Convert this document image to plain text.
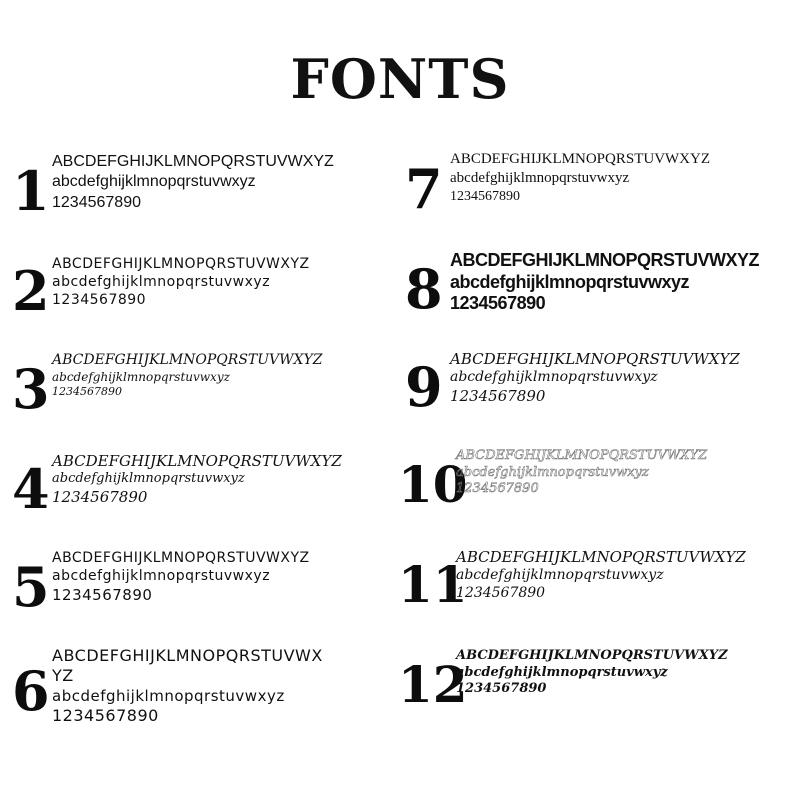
FONTS
1 ABCDEFGHIJKLMNOPQRSTUVWXYZ
abcdefghijklmnopqrstuvwxyz
1234567890
2 ABCDEFGHIJKLMNOPQRSTUVWXYZ
abcdefghijklmnopqrstuvwxyz
1234567890
3 ABCDEFGHIJKLMNOPQRSTUVWXYZ
abcdefghijklmnopqrstuvwxyz
1234567890
4 ABCDEFGHIJKLMNOPQRSTUVWXYZ
abcdefghijklmnopqrstuvwxyz
1234567890
5 ABCDEFGHIJKLMNOPQRSTUVWXYZ
abcdefghijklmnopqrstuvwxyz
1234567890
6
ABCDEFGHIJKLMNOPQRSTUVWX
YZ
abcdefghijklmnopqrstuvwxyz
1234567890
7 ABCDEFGHIJKLMNOPQRSTUVWXYZ
abcdefghijklmnopqrstuvwxyz
1234567890
8 ABCDEFGHIJKLMNOPQRSTUVWXYZ
abcdefghijklmnopqrstuvwxyz
1234567890
9 ABCDEFGHIJKLMNOPQRSTUVWXYZ
abcdefghijklmnopqrstuvwxyz
1234567890
10
ABCDEFGHIJKLMNOPQRSTUVWXYZ
abcdefghijklmnopqrstuvwxyz
1234567890
11
ABCDEFGHIJKLMNOPQRSTUVWXYZ
abcdefghijklmnopqrstuvwxyz
1234567890
12
ABCDEFGHIJKLMNOPQRSTUVWXYZ
abcdefghijklmnopqrstuvwxyz
1234567890
